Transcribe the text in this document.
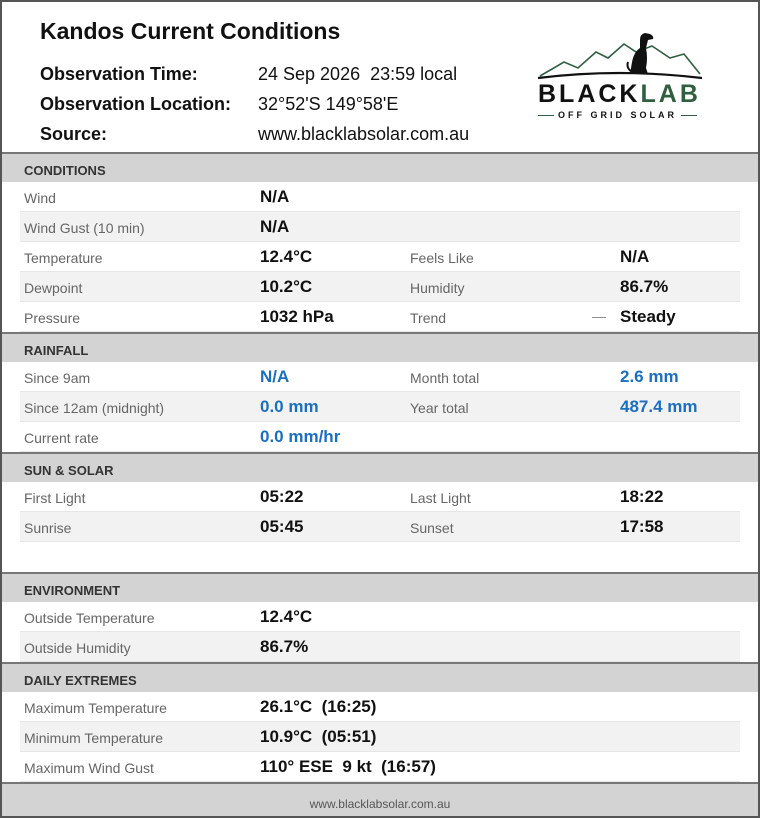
Kandos Current Conditions
Observation Time:	24 Sep 2026  23:59 local
Observation Location: 32°52'S 149°58'E
Source:	www.blacklabsolar.com.au
BLACKLAB
OFF GRID SOLAR
CONDITIONS
Wind	N/A
Wind Gust (10 min)	N/A
Temperature	12.4°C	Feels Like	N/A
Dewpoint	10.2°C	Humidity	86.7%
Pressure	1032 hPa	Trend	— Steady
RAINFALL
Since 9am	N/A	Month total	2.6 mm
Since 12am (midnight)	0.0 mm	Year total	487.4 mm
Current rate	0.0 mm/hr
SUN & SOLAR
First Light	05:22	Last Light	18:22
Sunrise	05:45	Sunset	17:58
ENVIRONMENT
Outside Temperature	12.4°C
Outside Humidity	86.7%
DAILY EXTREMES
Maximum Temperature	26.1°C  (16:25)
Minimum Temperature	10.9°C  (05:51)
Maximum Wind Gust	110° ESE  9 kt  (16:57)
$_{www.blacklabsolar.com.au}$
